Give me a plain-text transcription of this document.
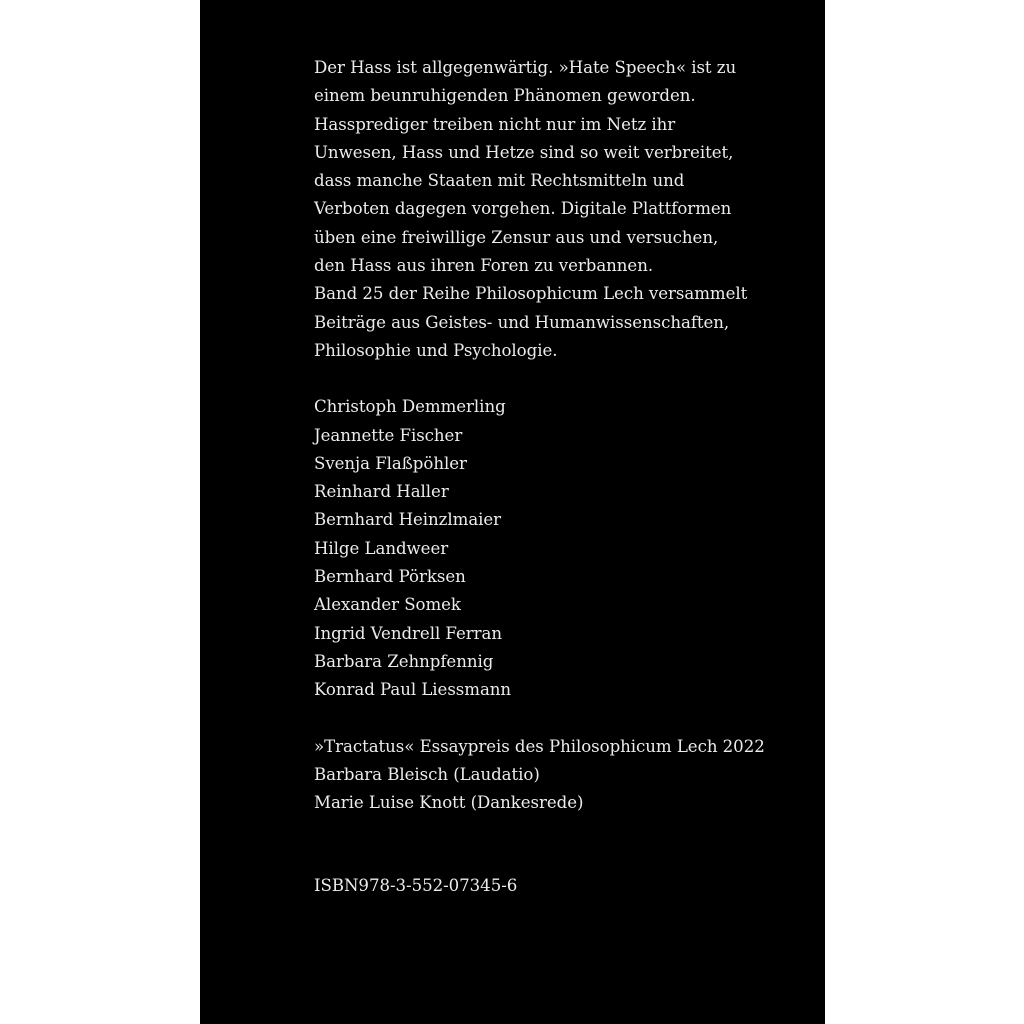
Der Hass ist allgegenwärtig. »Hate Speech« ist zu
einem beunruhigenden Phänomen geworden.
Hassprediger treiben nicht nur im Netz ihr
Unwesen, Hass und Hetze sind so weit verbreitet,
dass manche Staaten mit Rechtsmitteln und
Verboten dagegen vorgehen. Digitale Plattformen
üben eine freiwillige Zensur aus und versuchen,
den Hass aus ihren Foren zu verbannen.
Band 25 der Reihe Philosophicum Lech versammelt
Beiträge aus Geistes- und Humanwissenschaften,
Philosophie und Psychologie.
Christoph Demmerling
Jeannette Fischer
Svenja Flaßpöhler
Reinhard Haller
Bernhard Heinzlmaier
Hilge Landweer
Bernhard Pörksen
Alexander Somek
Ingrid Vendrell Ferran
Barbara Zehnpfennig
Konrad Paul Liessmann
»Tractatus« Essaypreis des Philosophicum Lech 2022
Barbara Bleisch (Laudatio)
Marie Luise Knott (Dankesrede)
ISBN978-3-552-07345-6
